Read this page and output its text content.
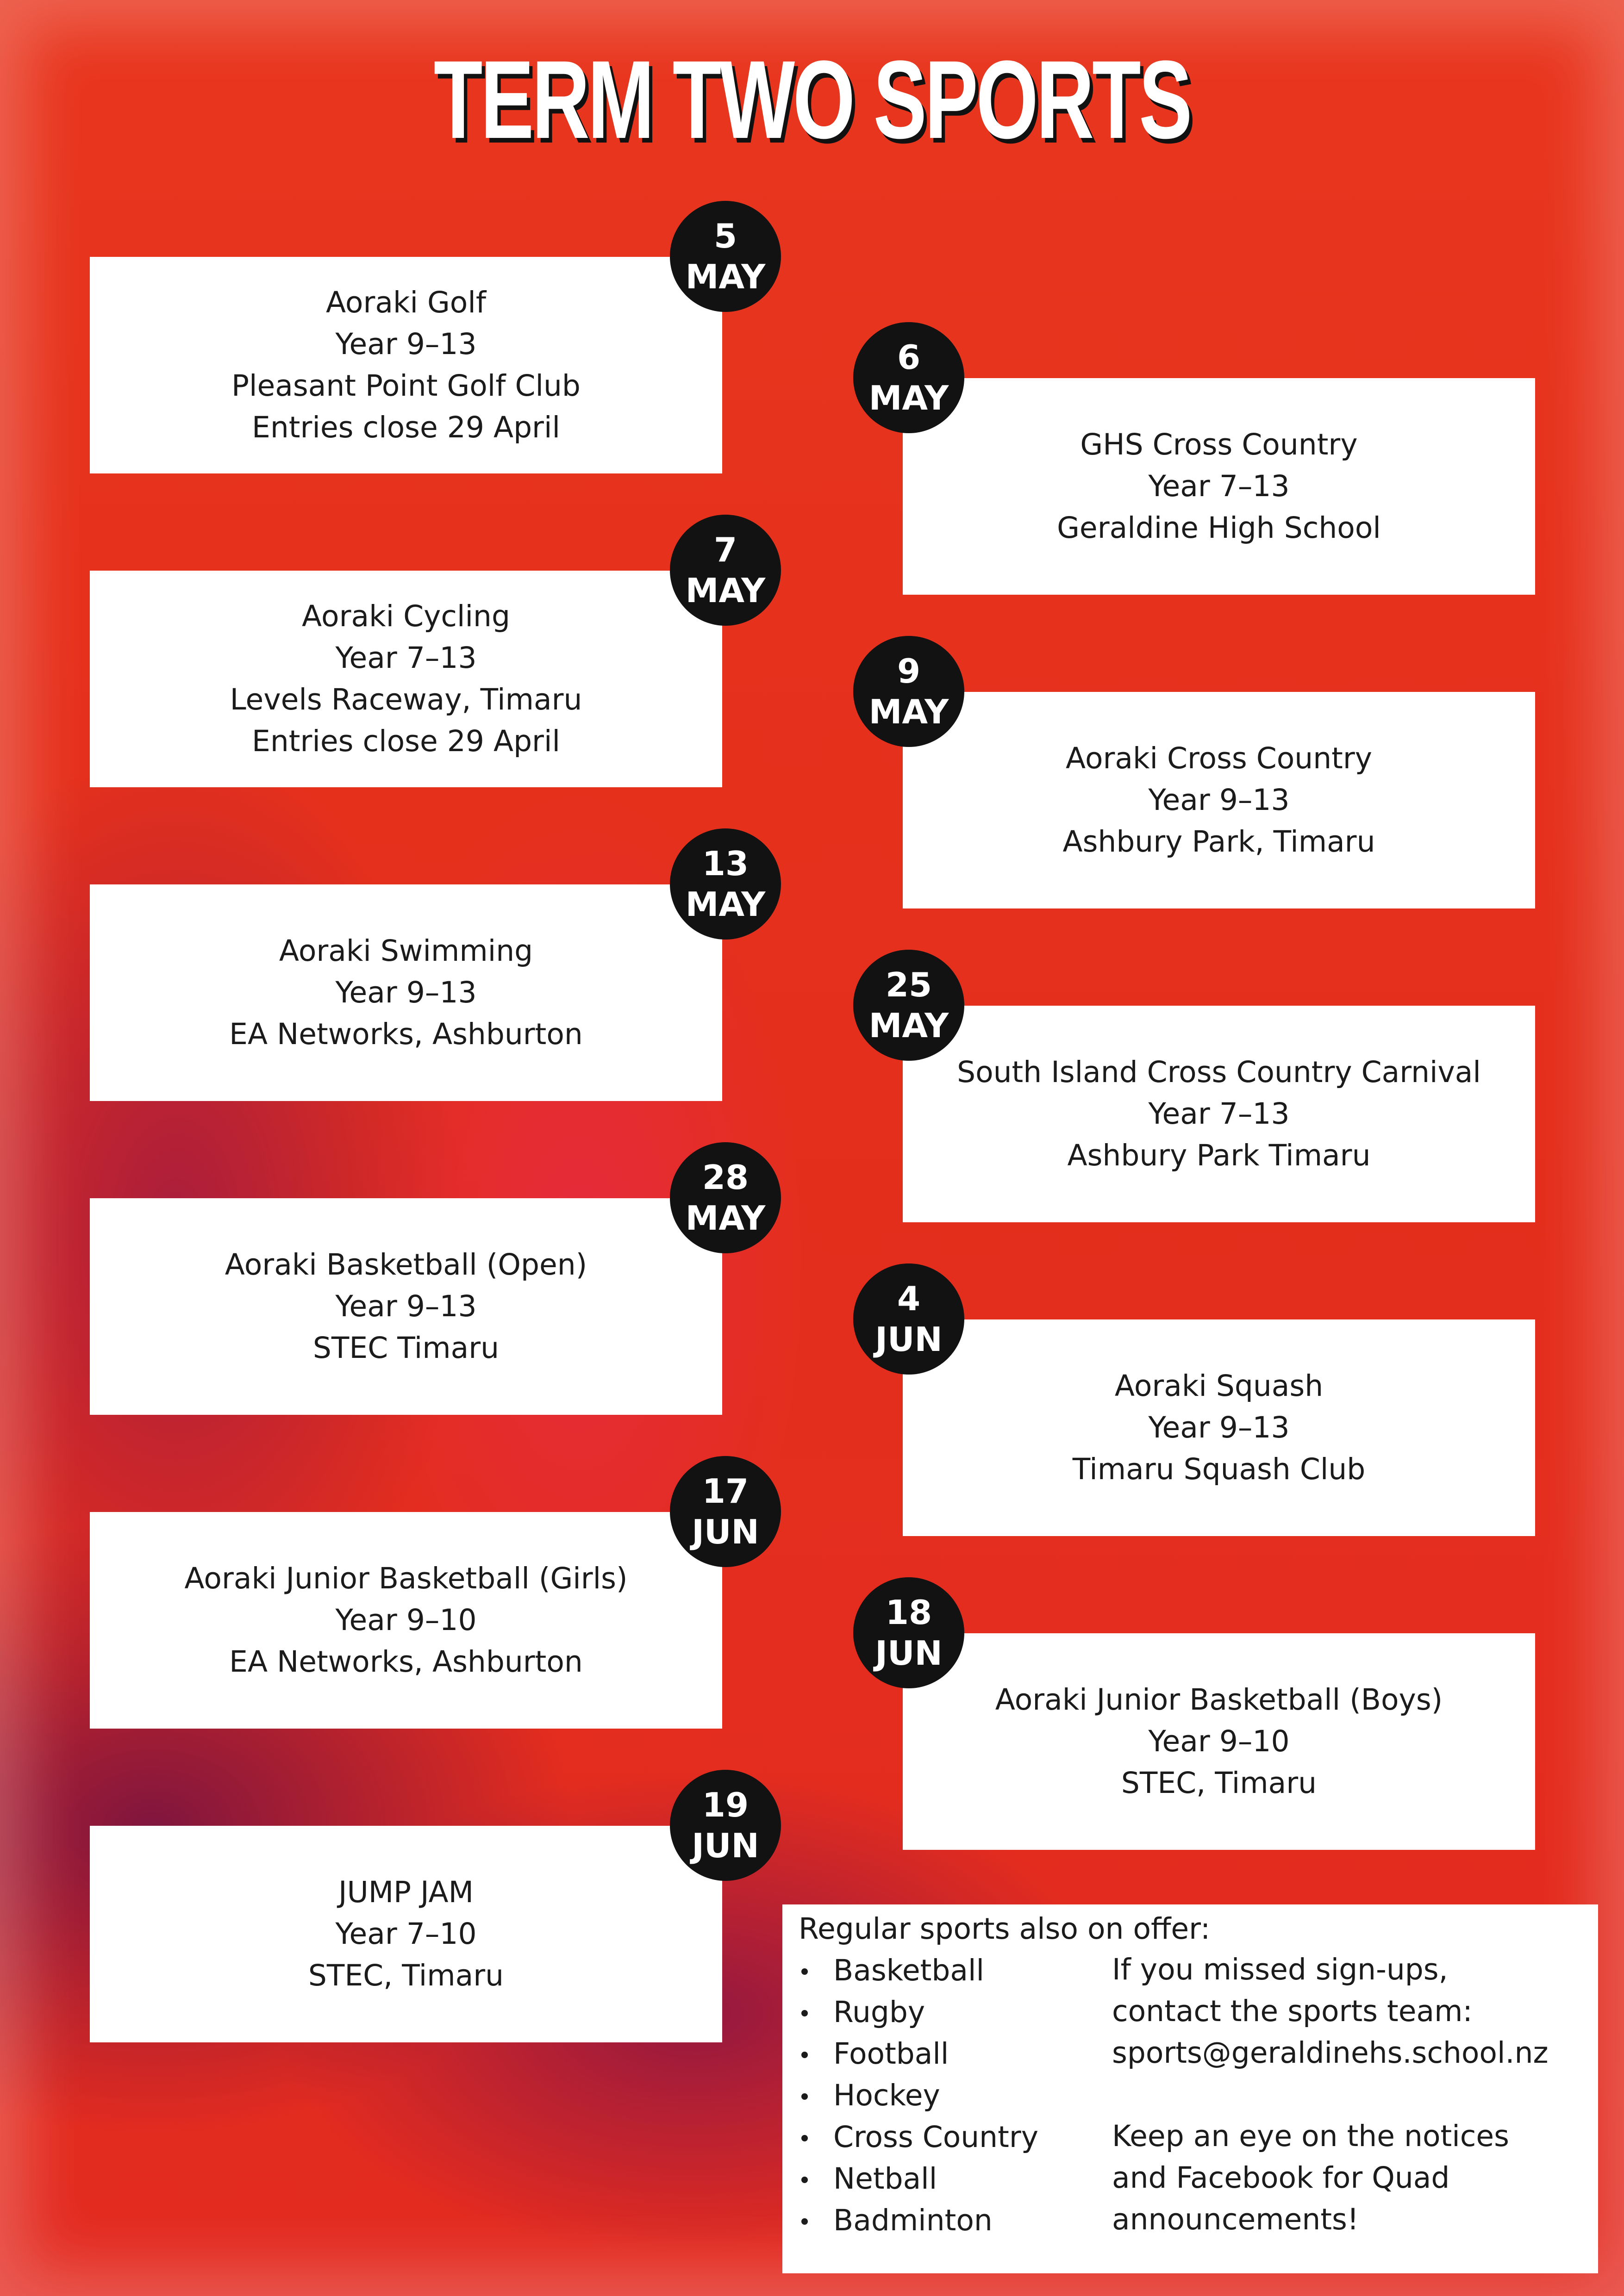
TERM TWO SPORTS
Aoraki Golf
Year 9–13
Pleasant Point Golf Club
Entries close 29 April
5
MAY
GHS Cross Country
Year 7–13
Geraldine High School
6
MAY
Aoraki Cycling
Year 7–13
Levels Raceway, Timaru
Entries close 29 April
7
MAY
Aoraki Cross Country
Year 9–13
Ashbury Park, Timaru
9
MAY
Aoraki Swimming
Year 9–13
EA Networks, Ashburton
13
MAY
South Island Cross Country Carnival
Year 7–13
Ashbury Park Timaru
25
MAY
Aoraki Basketball (Open)
Year 9–13
STEC Timaru
28
MAY
Aoraki Squash
Year 9–13
Timaru Squash Club
4
JUN
Aoraki Junior Basketball (Girls)
Year 9–10
EA Networks, Ashburton
17
JUN
Aoraki Junior Basketball (Boys)
Year 9–10
STEC, Timaru
18
JUN
JUMP JAM
Year 7–10
STEC, Timaru
19
JUN
Regular sports also on offer:
Basketball
Rugby
Football
Hockey
Cross Country
Netball
Badminton
If you missed sign-ups,
contact the sports team:
sports@geraldinehs.school.nz
Keep an eye on the notices
and Facebook for Quad
announcements!
